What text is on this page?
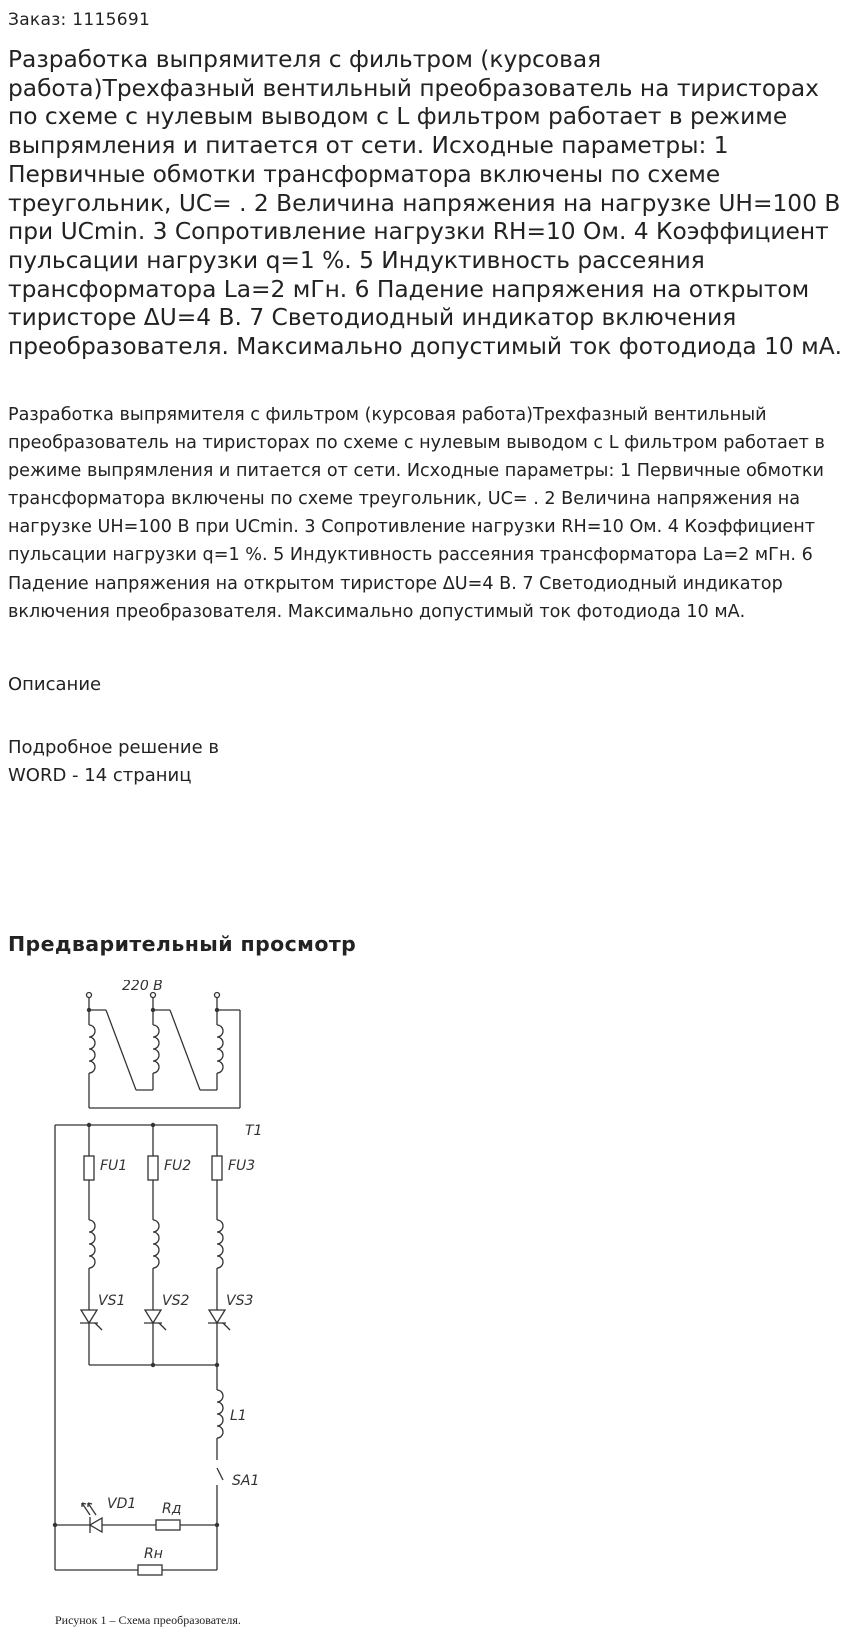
Заказ: 1115691
Разработка выпрямителя с фильтром (курсовая работа)Трехфазный вентильный преобразователь на тиристорах по схеме с нулевым выводом с L фильтром работает в режиме выпрямления и питается от сети. Исходные параметры: 1 Первичные обмотки трансформатора включены по схеме треугольник, UC= . 2 Величина напряжения на нагрузке UH=100 В при UCmin. 3 Сопротивление нагрузки RH=10 Ом. 4 Коэффициент пульсации нагрузки q=1 %. 5 Индуктивность рассеяния трансформатора La=2 мГн. 6 Падение напряжения на открытом тиристоре ΔU=4 В. 7 Светодиодный индикатор включения преобразователя. Максимально допустимый ток фотодиода 10 мА.

Разработка выпрямителя с фильтром (курсовая работа)Трехфазный вентильный преобразователь на тиристорах по схеме с нулевым выводом с L фильтром работает в режиме выпрямления и питается от сети. Исходные параметры: 1 Первичные обмотки трансформатора включены по схеме треугольник, UC= . 2 Величина напряжения на нагрузке UH=100 В при UCmin. 3 Сопротивление нагрузки RH=10 Ом. 4 Коэффициент пульсации нагрузки q=1 %. 5 Индуктивность рассеяния трансформатора La=2 мГн. 6 Падение напряжения на открытом тиристоре ΔU=4 В. 7 Светодиодный индикатор включения преобразователя. Максимально допустимый ток фотодиода 10 мА.

Описание
Подробное решение в WORD - 14 страниц
Предварительный просмотр
220 В
T1
FU1	FU2	FU3
VS1	VS2	VS3
L1
SA1
VD1 Rд
Rн
Рисунок 1 – Схема преобразователя.
